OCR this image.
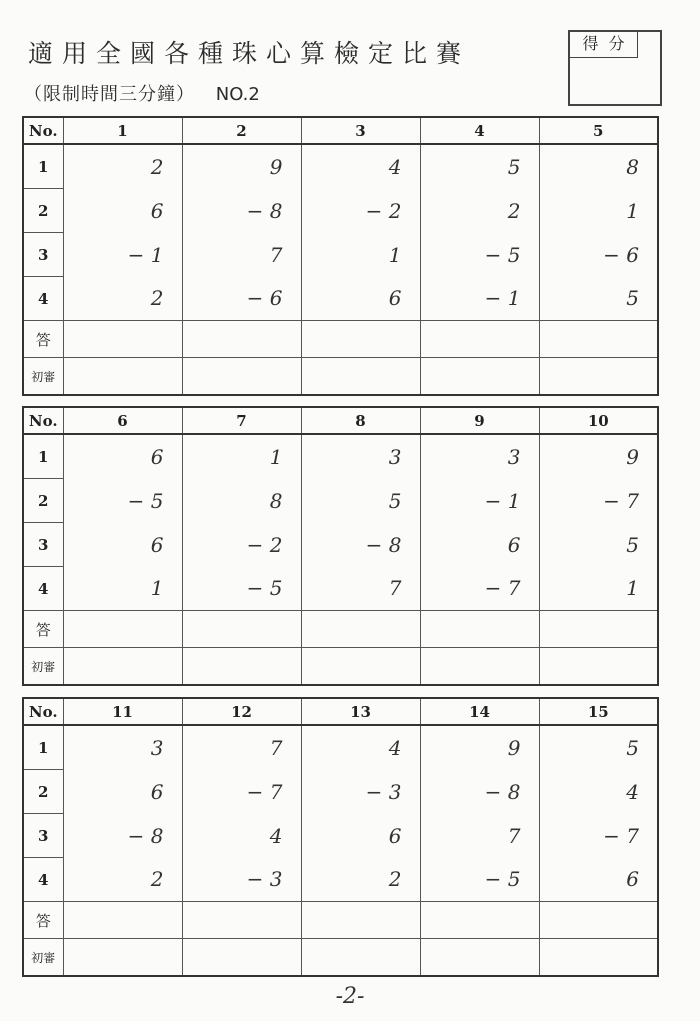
適用全國各種珠心算檢定比賽
（限制時間三分鐘） NO.2
得分
No.	1	2	3	4	5
1	2	9	4	5	8
2	6	− 8	− 2	2	1
3	− 1	7	1	− 5	− 6
4	2	− 6	6	− 1	5
答					
初審					
No.	6	7	8	9	10
1	6	1	3	3	9
2	− 5	8	5	− 1	− 7
3	6	− 2	− 8	6	5
4	1	− 5	7	− 7	1
答					
初審					
No.	11	12	13	14	15
1	3	7	4	9	5
2	6	− 7	− 3	− 8	4
3	− 8	4	6	7	− 7
4	2	− 3	2	− 5	6
答					
初審					
-2-
